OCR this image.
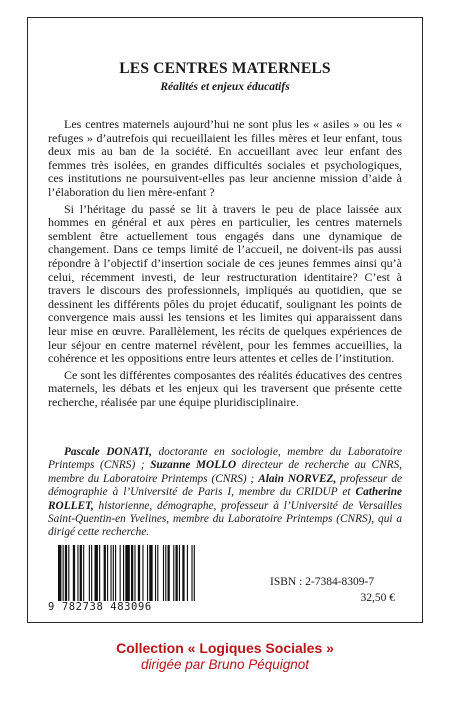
LES CENTRES MATERNELS
Réalités et enjeux éducatifs

Les centres maternels aujourd’hui ne sont plus les « asiles » ou les « refuges » d’autrefois qui recueillaient les filles mères et leur enfant, tous deux mis au ban de la société. En accueillant avec leur enfant des femmes très isolées, en grandes difficultés sociales et psychologiques, ces institutions ne poursuivent-elles pas leur ancienne mission d’aide à l’élaboration du lien mère-enfant ?

Si l’héritage du passé se lit à travers le peu de place laissée aux hommes en général et aux pères en particulier, les centres maternels semblent être actuellement tous engagés dans une dynamique de changement. Dans ce temps limité de l’accueil, ne doivent-ils pas aussi répondre à l’objectif d’insertion sociale de ces jeunes femmes ainsi qu’à celui, récemment investi, de leur restructuration identitaire? C’est à travers le discours des professionnels, impliqués au quotidien, que se dessinent les différents pôles du projet éducatif, soulignant les points de convergence mais aussi les tensions et les limites qui apparaissent dans leur mise en œuvre. Parallèlement, les récits de quelques expériences de leur séjour en centre maternel révèlent, pour les femmes accueillies, la cohérence et les oppositions entre leurs attentes et celles de l’institution.

Ce sont les différentes composantes des réalités éducatives des centres maternels, les débats et les enjeux qui les traversent que présente cette recherche, réalisée par une équipe pluridisciplinaire.

Pascale DONATI, doctorante en sociologie, membre du Laboratoire Printemps (CNRS) ; Suzanne MOLLO directeur de recherche au CNRS, membre du Laboratoire Printemps (CNRS) ; Alain NORVEZ, professeur de démographie à l’Université de Paris I, membre du CRIDUP et Catherine ROLLET, historienne, démographe, professeur à l’Université de Versailles Saint-Quentin-en Yvelines, membre du Laboratoire Printemps (CNRS), qui a dirigé cette recherche.
9 782738 483096
ISBN : 2-7384-8309-7
32,50 €
Collection « Logiques Sociales »
dirigée par Bruno Péquignot
